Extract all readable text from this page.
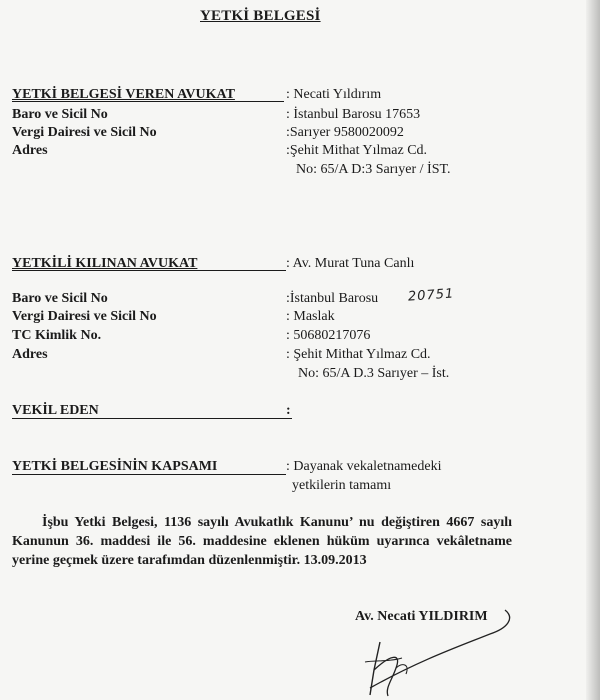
YETKİ BELGESİ
YETKİ BELGESİ VEREN AVUKAT	: Necati Yıldırım
Baro ve Sicil No	: İstanbul Barosu 17653
Vergi Dairesi ve Sicil No	:Sarıyer 9580020092
Adres	:Şehit Mithat Yılmaz Cd.
No: 65/A D:3 Sarıyer / İST.
YETKİLİ KILINAN AVUKAT	: Av. Murat Tuna Canlı
Baro ve Sicil No	:İstanbul Barosu 20751
Vergi Dairesi ve Sicil No	: Maslak
TC Kimlik No.	: 50680217076
Adres	: Şehit Mithat Yılmaz Cd.
No: 65/A D.3 Sarıyer – İst.
VEKİL EDEN	:
YETKİ BELGESİNİN KAPSAMI	: Dayanak vekaletnamedeki
yetkilerin tamamı
İşbu Yetki Belgesi, 1136 sayılı Avukatlık Kanunu’ nu değiştiren 4667 sayılı Kanunun 36. maddesi ile 56. maddesine eklenen hüküm uyarınca vekâletname yerine geçmek üzere tarafımdan düzenlenmiştir. 13.09.2013
Av. Necati YILDIRIM
